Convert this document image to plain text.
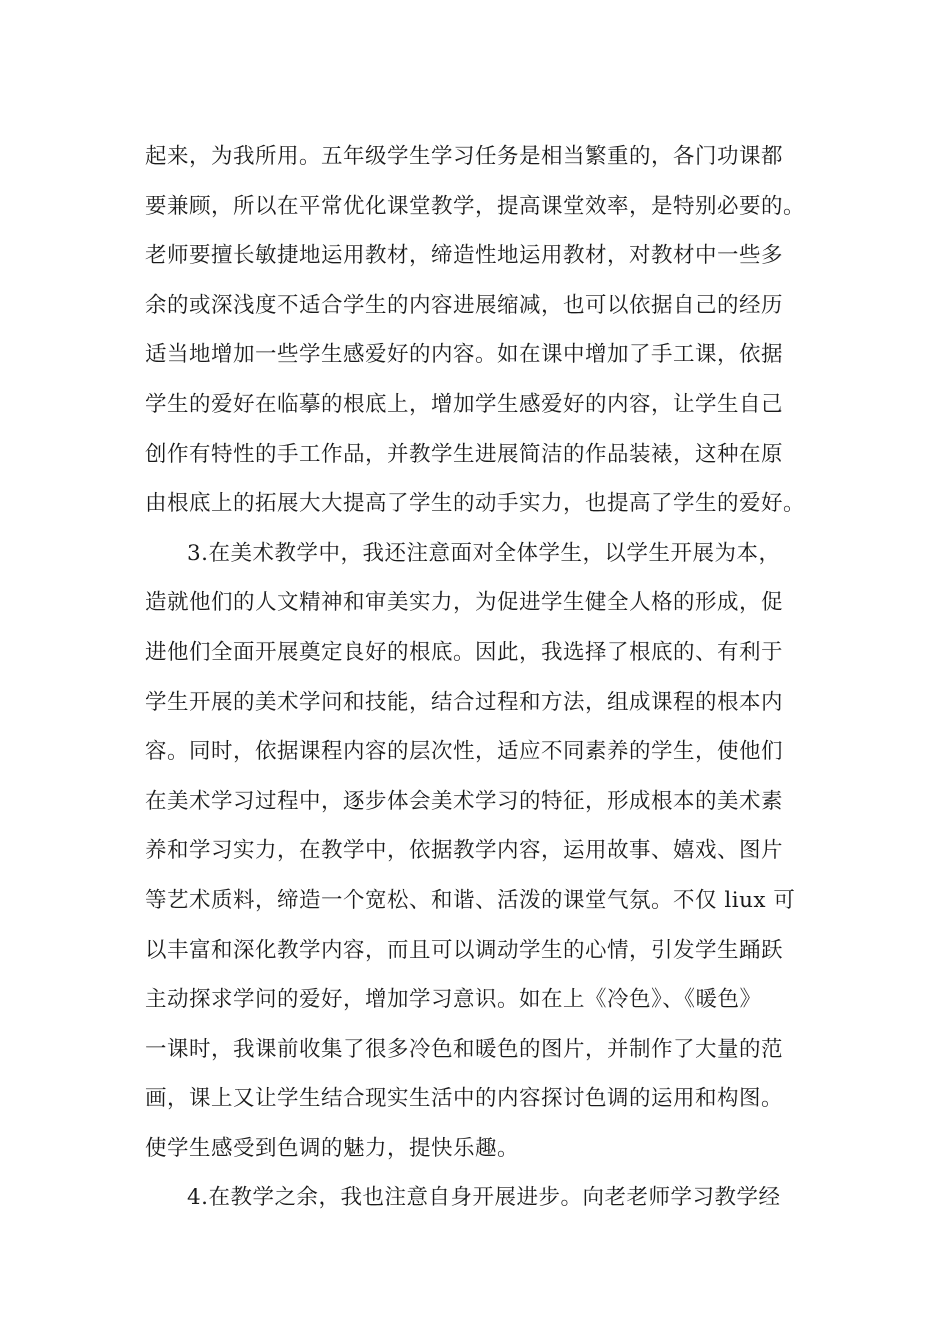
起来，为我所用。五年级学生学习任务是相当繁重的，各门功课都
要兼顾，所以在平常优化课堂教学，提高课堂效率，是特别必要的。
老师要擅长敏捷地运用教材，缔造性地运用教材，对教材中一些多
余的或深浅度不适合学生的内容进展缩减，也可以依据自己的经历
适当地增加一些学生感爱好的内容。如在课中增加了手工课，依据
学生的爱好在临摹的根底上，增加学生感爱好的内容，让学生自己
创作有特性的手工作品，并教学生进展简洁的作品装裱，这种在原
由根底上的拓展大大提高了学生的动手实力，也提高了学生的爱好。
3.在美术教学中，我还注意面对全体学生，以学生开展为本，
造就他们的人文精神和审美实力，为促进学生健全人格的形成，促
进他们全面开展奠定良好的根底。因此，我选择了根底的、有利于
学生开展的美术学问和技能，结合过程和方法，组成课程的根本内
容。同时，依据课程内容的层次性，适应不同素养的学生，使他们
在美术学习过程中，逐步体会美术学习的特征，形成根本的美术素
养和学习实力，在教学中，依据教学内容，运用故事、嬉戏、图片
等艺术质料，缔造一个宽松、和谐、活泼的课堂气氛。不仅 liux 可
以丰富和深化教学内容，而且可以调动学生的心情，引发学生踊跃
主动探求学问的爱好，增加学习意识。如在上《冷色》、《暖色》
一课时，我课前收集了很多冷色和暖色的图片，并制作了大量的范
画，课上又让学生结合现实生活中的内容探讨色调的运用和构图。
使学生感受到色调的魅力，提快乐趣。
4.在教学之余，我也注意自身开展进步。向老老师学习教学经
